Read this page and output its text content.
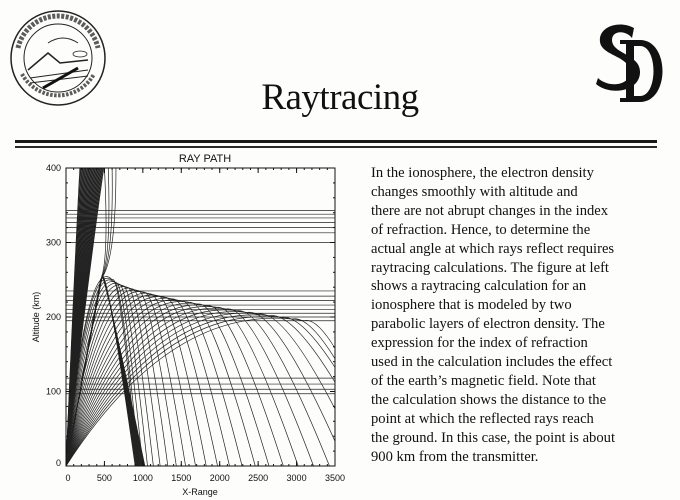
Raytracing
RAY PATH
X-Range
Altitude (km)
0	500 1000 1500 2000 2500 3000 3500
0
100
200
300
400	In the ionosphere, the electron density
changes smoothly with altitude and
there are not abrupt changes in the index
of refraction. Hence, to determine the
actual angle at which rays reflect requires
raytracing calculations. The figure at left
shows a raytracing calculation for an
ionosphere that is modeled by two
parabolic layers of electron density. The
expression for the index of refraction
used in the calculation includes the effect
of the earth’s magnetic field. Note that
the calculation shows the distance to the
point at which the reflected rays reach
the ground. In this case, the point is about
900 km from the transmitter.
